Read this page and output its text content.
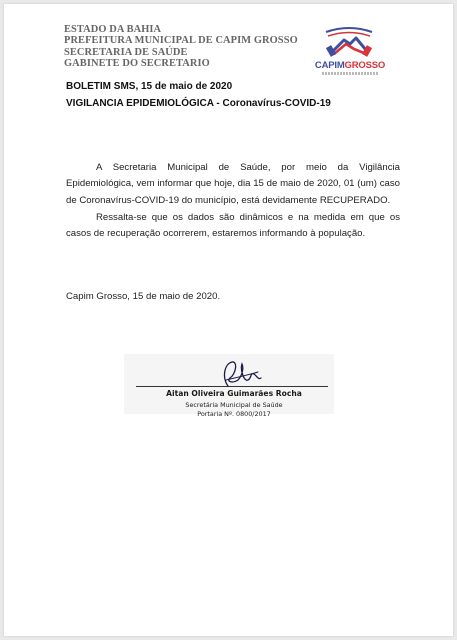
ESTADO DA BAHIA
PREFEITURA MUNICIPAL DE CAPIM GROSSO
SECRETARIA DE SAÚDE
GABINETE DO SECRETARIO	CAPIMGROSSO
BOLETIM SMS, 15 de maio de 2020
VIGILANCIA EPIDEMIOLÓGICA - Coronavírus-COVID-19
A Secretaria Municipal de Saúde, por meio da Vigilância Epidemiológica, vem informar que hoje, dia 15 de maio de 2020, 01 (um) caso de Coronavírus-COVID-19 do município, está devidamente RECUPERADO.
Ressalta-se que os dados são dinâmicos e na medida em que os casos de recuperação ocorrerem, estaremos informando à população.
Capim Grosso, 15 de maio de 2020.
Aitan Oliveira Guimarães Rocha
Secretária Municipal de Saúde
Portaria Nº. 0800/2017
